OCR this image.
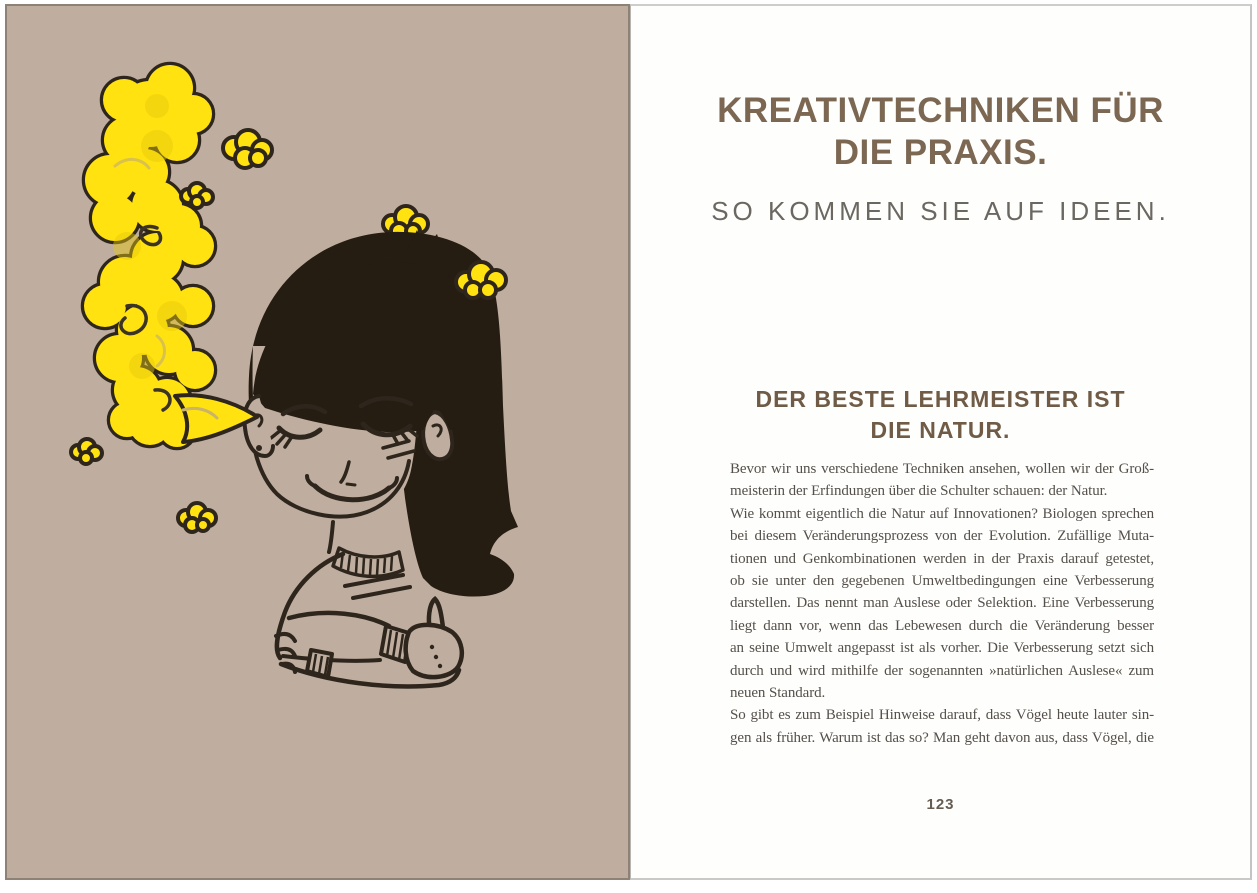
KREATIVTECHNIKEN FÜR
DIE PRAXIS.
SO KOMMEN SIE AUF IDEEN.
DER BESTE LEHRMEISTER IST
DIE NATUR.
Bevor wir uns verschiedene Techniken ansehen, wollen wir der Groß-
meisterin der Erfindungen über die Schulter schauen: der Natur.
Wie kommt eigentlich die Natur auf Innovationen? Biologen sprechen
bei diesem Veränderungsprozess von der Evolution. Zufällige Muta-
tionen und Genkombinationen werden in der Praxis darauf getestet,
ob sie unter den gegebenen Umweltbedingungen eine Verbesserung
darstellen. Das nennt man Auslese oder Selektion. Eine Verbesserung
liegt dann vor, wenn das Lebewesen durch die Veränderung besser
an seine Umwelt angepasst ist als vorher. Die Verbesserung setzt sich
durch und wird mithilfe der sogenannten »natürlichen Auslese« zum
neuen Standard.
So gibt es zum Beispiel Hinweise darauf, dass Vögel heute lauter sin-
gen als früher. Warum ist das so? Man geht davon aus, dass Vögel, die
123
